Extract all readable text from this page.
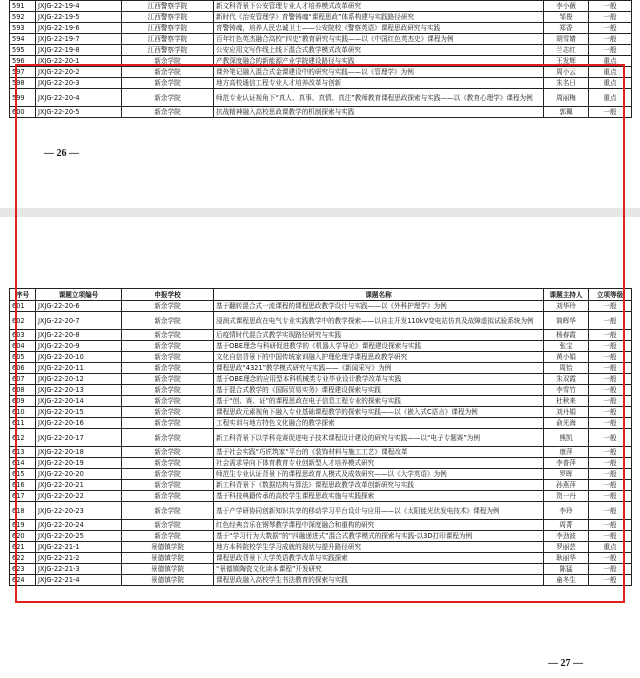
591	JXJG-22-19-4	江西警察学院	新文科背景下公安管理专业人才培养模式改革研究	李小薇	一般
592	JXJG-22-19-5	江西警察学院	新时代《治安管理学》育警铸魂“课程思政”体系构建与实践路径研究	邹俊	一般
593	JXJG-22-19-6	江西警察学院	育警铸魂，培养人民忠诚卫士——公安院校《警察英语》课程思政研究与实践	郑香	一般
594	JXJG-22-19-7	江西警察学院	百年红色英杰融合高校“四史”教育研究与实践——以《中国红色英杰史》课程为例	胡雪婧	一般
595	JXJG-22-19-8	江西警察学院	公安应用文写作线上线下混合式教学模式改革研究	兰志红	一般
596	JXJG-22-20-1	新余学院	产教深度融合的新能源产业学院建设路径与实践	王发辉	重点
597	JXJG-22-20-2	新余学院	课外笔记融入混合式金课建设中的研究与实践——以《管理学》为例	周小云	重点
598	JXJG-22-20-3	新余学院	地方高校通信工程专业人才培养改革与创新	朱名日	重点
599	JXJG-22-20-4	新余学院	师范专业认证视角下“真人、真事、真情、真注”教师教育课程思政探索与实践——以《教育心理学》课程为例	周丽梅	重点
600	JXJG-22-20-5	新余学院	抗战精神融入高校思政课教学的机制探索与实践	郭珮	一般
— 26 —
序号	课题立项编号	申报学校	课题名称	课题主持人	立项等级
601	JXJG-22-20-6	新余学院	基于翻转混合式一流课程的课程思政教学设计与实践——以《外科护理学》为例	刘华玲	一般
602	JXJG-22-20-7	新余学院	浸润式课程思政在电气专业实践教学中的教学探索——以自主开发110kV变电站仿真及故障虚拟试验系统为例	简晖华	一般
603	JXJG-22-20-8	新余学院	后疫情时代混合式教学实现路径研究与实践	杨春霞	一般
604	JXJG-22-20-9	新余学院	基于OBE理念与科研促进教学的《机器人学导论》课程建设探索与实践	张宝	一般
605	JXJG-22-20-10	新余学院	文化自信背景下的中国传统家训融入护理伦理学课程思政教学研究	黄小娟	一般
606	JXJG-22-20-11	新余学院	课程思政“4321”教学模式研究与实践——《新闻采写》为例	周怡	一般
607	JXJG-22-20-12	新余学院	基于OBE理念的应用型本科机械类专业毕业设计教学改革与实践	朱双霞	一般
608	JXJG-22-20-13	新余学院	基于混合式教学的《国际贸易实务》课程建设探索与实践	李雪竹	一般
609	JXJG-22-20-14	新余学院	基于“创、赛、证”的课程思政在电子信息工程专业的探索与实践	杜秋来	一般
610	JXJG-22-20-15	新余学院	课程思政元素视角下融入专业基础课程教学的探索与实践——以《嵌入式C语言》课程为例	刘丹娟	一般
611	JXJG-22-20-16	新余学院	工程实训与地方特色文化融合的教学探索	俞光海	一般
612	JXJG-22-20-17	新余学院	新工科背景下以学科竞赛促进电子技术课程设计建设的研究与实践——以“电子专题赛”为例	熊凯	一般
613	JXJG-22-20-18	新余学院	基于社会实践“巧匠筑家”平台的《装饰材料与施工工艺》课程改革	康萍	一般
614	JXJG-22-20-19	新余学院	社会需求导向下体育教育专业创新型人才培养模式研究	李普萍	一般
615	JXJG-22-20-20	新余学院	师范生专业认证背景下的课程思政育人模式及成效研究——以《大学英语》为例	罗晖	一般
616	JXJG-22-20-21	新余学院	新工科背景下《数据结构与算法》课程思政教学改革创新研究与实践	孙燕萍	一般
617	JXJG-22-20-22	新余学院	基于科技典籍传承的高校学生课程思政实施与实践探索	贺一丹	一般
618	JXJG-22-20-23	新余学院	基于产学研协同创新知识共享的移动学习平台设计与应用——以《太阳能光伏发电技术》课程为例	李玲	一般
619	JXJG-22-20-24	新余学院	红色经典音乐在钢琴教学课程中深度融合和重构的研究	周菁	一般
620	JXJG-22-20-25	新余学院	基于“学习行为大数据”的“四融递进式”混合式教学模式的探索与实践-以3D打印课程为例	李劲波	一般
621	JXJG-22-21-1	景德镇学院	地方本科院校学生学习成就的现状与提升路径研究	罗丽芸	重点
622	JXJG-22-21-2	景德镇学院	课程思政背景下大学英语教学改革与实践探索	耿丽华	一般
623	JXJG-22-21-3	景德镇学院	“景德镇陶瓷文化读本课程”开发研究	陈猛	一般
624	JXJG-22-21-4	景德镇学院	课程思政融入高校学生书法教育的探索与实践	童冬生	一般
— 27 —
